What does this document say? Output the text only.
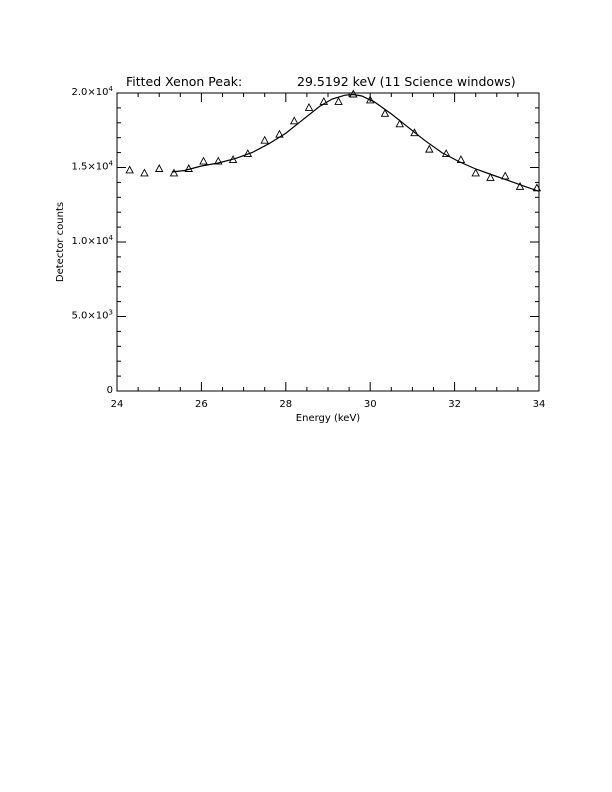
Fitted Xenon Peak:	29.5192 keV (11 Science windows)
24	26	28	30	32	34
0
$5.0\times 10^3$
$1.0\times 10^4$
$1.5\times 10^4$
$2.0\times 10^4$
Energy (keV)
Detector counts
